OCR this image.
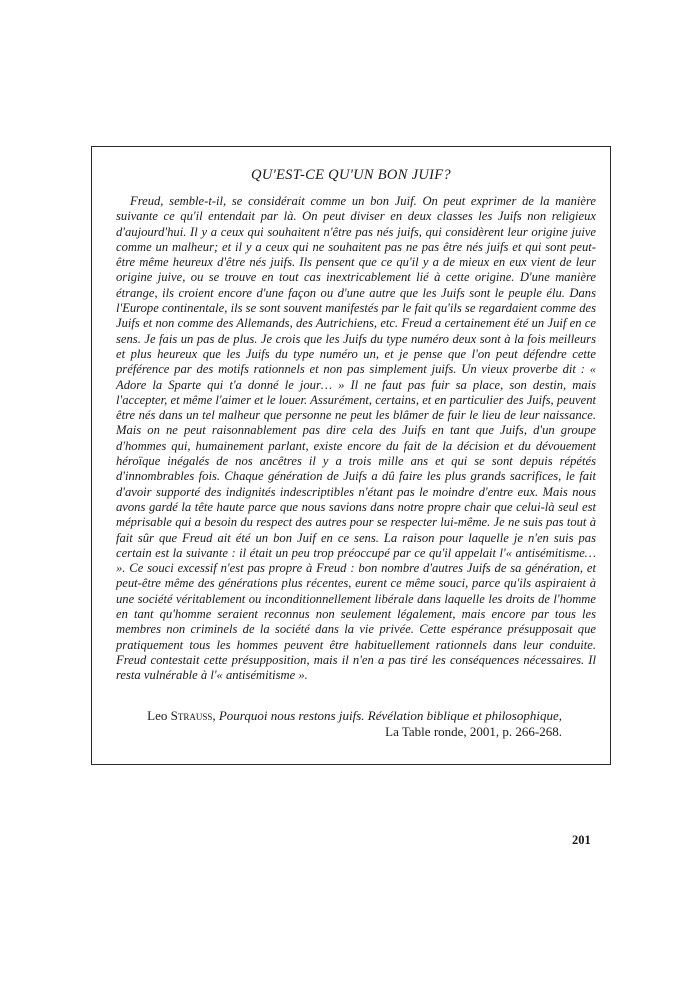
QU'EST-CE QU'UN BON JUIF?

Freud, semble-t-il, se considérait comme un bon Juif. On peut exprimer de la manière suivante ce qu'il entendait par là. On peut diviser en deux classes les Juifs non religieux d'aujourd'hui. Il y a ceux qui souhaitent n'être pas nés juifs, qui considèrent leur origine juive comme un malheur; et il y a ceux qui ne souhaitent pas ne pas être nés juifs et qui sont peut-être même heureux d'être nés juifs. Ils pensent que ce qu'il y a de mieux en eux vient de leur origine juive, ou se trouve en tout cas inextricablement lié à cette origine. D'une manière étrange, ils croient encore d'une façon ou d'une autre que les Juifs sont le peuple élu. Dans l'Europe continentale, ils se sont souvent manifestés par le fait qu'ils se regardaient comme des Juifs et non comme des Allemands, des Autrichiens, etc. Freud a certainement été un Juif en ce sens. Je fais un pas de plus. Je crois que les Juifs du type numéro deux sont à la fois meilleurs et plus heureux que les Juifs du type numéro un, et je pense que l'on peut défendre cette préférence par des motifs rationnels et non pas simplement juifs. Un vieux proverbe dit : « Adore la Sparte qui t'a donné le jour… » Il ne faut pas fuir sa place, son destin, mais l'accepter, et même l'aimer et le louer. Assurément, certains, et en particulier des Juifs, peuvent être nés dans un tel malheur que personne ne peut les blâmer de fuir le lieu de leur naissance. Mais on ne peut raisonnablement pas dire cela des Juifs en tant que Juifs, d'un groupe d'hommes qui, humainement parlant, existe encore du fait de la décision et du dévouement héroïque inégalés de nos ancêtres il y a trois mille ans et qui se sont depuis répétés d'innombrables fois. Chaque génération de Juifs a dû faire les plus grands sacrifices, le fait d'avoir supporté des indignités indescriptibles n'étant pas le moindre d'entre eux. Mais nous avons gardé la tête haute parce que nous savions dans notre propre chair que celui-là seul est méprisable qui a besoin du respect des autres pour se respecter lui-même. Je ne suis pas tout à fait sûr que Freud ait été un bon Juif en ce sens. La raison pour laquelle je n'en suis pas certain est la suivante : il était un peu trop préoccupé par ce qu'il appelait l'« antisémitisme… ». Ce souci excessif n'est pas propre à Freud : bon nombre d'autres Juifs de sa génération, et peut-être même des générations plus récentes, eurent ce même souci, parce qu'ils aspiraient à une société véritablement ou inconditionnellement libérale dans laquelle les droits de l'homme en tant qu'homme seraient reconnus non seulement légalement, mais encore par tous les membres non criminels de la société dans la vie privée. Cette espérance présupposait que pratiquement tous les hommes peuvent être habituellement rationnels dans leur conduite. Freud contestait cette présupposition, mais il n'en a pas tiré les conséquences nécessaires. Il resta vulnérable à l'« antisémitisme ».

Leo Strauss, Pourquoi nous restons juifs. Révélation biblique et philosophique,
La Table ronde, 2001, p. 266-268.
201
